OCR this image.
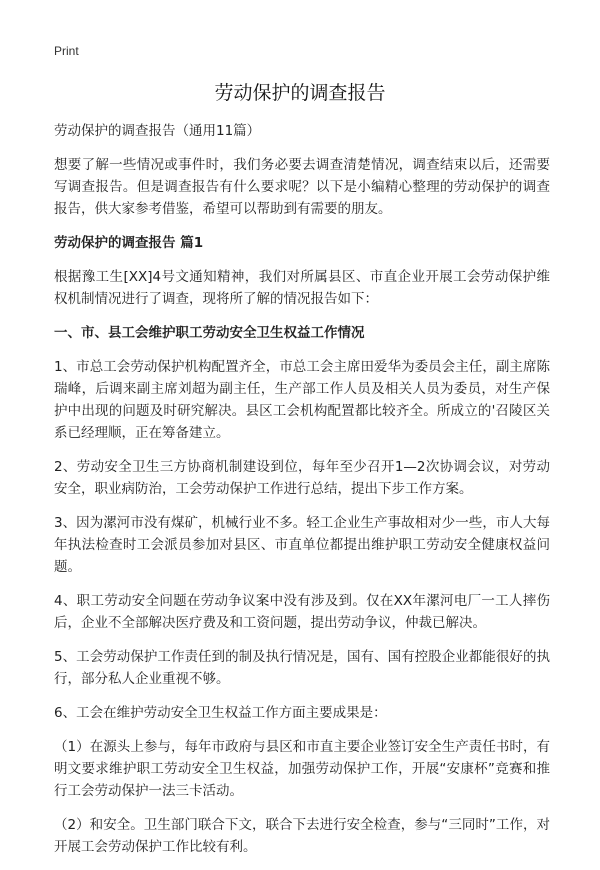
Print
劳动保护的调查报告

劳动保护的调查报告（通用11篇）

想要了解一些情况或事件时，我们务必要去调查清楚情况，调查结束以后，还需要写调查报告。但是调查报告有什么要求呢？以下是小编精心整理的劳动保护的调查报告，供大家参考借鉴，希望可以帮助到有需要的朋友。

劳动保护的调查报告 篇1

根据豫工生[XX]4号文通知精神，我们对所属县区、市直企业开展工会劳动保护维权机制情况进行了调查，现将所了解的情况报告如下：

一、市、县工会维护职工劳动安全卫生权益工作情况

1、市总工会劳动保护机构配置齐全，市总工会主席田爱华为委员会主任，副主席陈瑞峰，后调来副主席刘超为副主任，生产部工作人员及相关人员为委员，对生产保护中出现的问题及时研究解决。县区工会机构配置都比较齐全。所成立的'召陵区关系已经理顺，正在筹备建立。

2、劳动安全卫生三方协商机制建设到位，每年至少召开1—2次协调会议，对劳动安全，职业病防治，工会劳动保护工作进行总结，提出下步工作方案。

3、因为漯河市没有煤矿，机械行业不多。轻工企业生产事故相对少一些，市人大每年执法检查时工会派员参加对县区、市直单位都提出维护职工劳动安全健康权益问题。

4、职工劳动安全问题在劳动争议案中没有涉及到。仅在XX年漯河电厂一工人摔伤后，企业不全部解决医疗费及和工资问题，提出劳动争议，仲裁已解决。

5、工会劳动保护工作责任到的制及执行情况是，国有、国有控股企业都能很好的执行，部分私人企业重视不够。

6、工会在维护劳动安全卫生权益工作方面主要成果是：

（1）在源头上参与，每年市政府与县区和市直主要企业签订安全生产责任书时，有明文要求维护职工劳动安全卫生权益，加强劳动保护工作，开展“安康杯”竞赛和推行工会劳动保护一法三卡活动。

（2）和安全。卫生部门联合下文，联合下去进行安全检查，参与“三同时”工作，对开展工会劳动保护工作比较有利。
